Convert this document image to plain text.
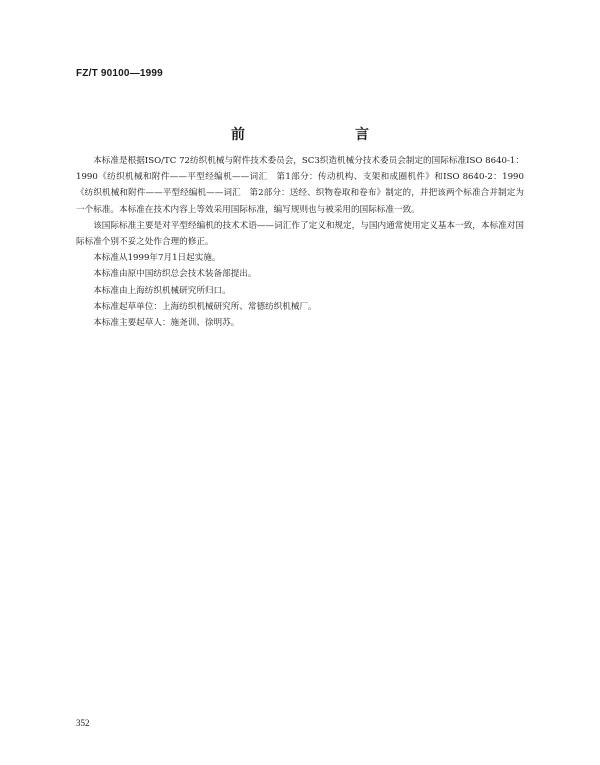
FZ/T 90100—1999
前　言

本标准是根据ISO/TC 72纺织机械与附件技术委员会，SC3织造机械分技术委员会制定的国际标准ISO 8640-1：1990《纺织机械和附件——平型经编机——词汇　第1部分：传动机构、支架和成圈机件》和ISO 8640-2：1990《纺织机械和附件——平型经编机——词汇　第2部分：送经、织物卷取和卷布》制定的，并把该两个标准合并制定为一个标准。本标准在技术内容上等效采用国际标准，编写规则也与被采用的国际标准一致。

该国际标准主要是对平型经编机的技术术语——词汇作了定义和规定，与国内通常使用定义基本一致，本标准对国际标准个别不妥之处作合理的修正。

本标准从1999年7月1日起实施。

本标准由原中国纺织总会技术装备部提出。

本标准由上海纺织机械研究所归口。

本标准起草单位：上海纺织机械研究所、常德纺织机械厂。

本标准主要起草人：施尧训、徐明苏。

352
